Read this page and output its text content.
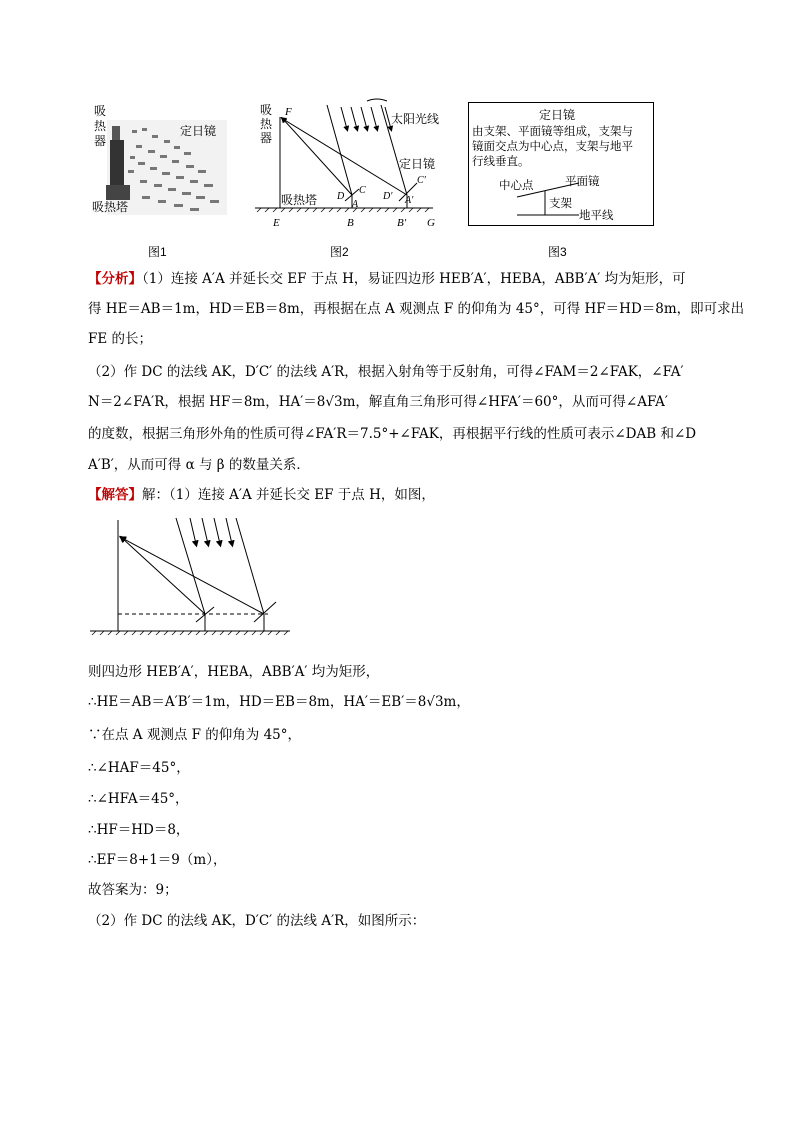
吸
热
器
定日镜
吸热塔
图1
F
D
C
A
D′
C′
A′
E	B	B′ G
吸
热
器
太阳光线
定日镜
吸热塔
图2
定日镜
由支架、平面镜等组成，支架与
镜面交点为中心点，支架与地平
行线垂直。
中心点	平面镜
支架
地平线
图3
【分析】（1）连接 A′A 并延长交 EF 于点 H，易证四边形 HEB′A′，HEBA，ABB′A′ 均为矩形，可
得 HE＝AB＝1m，HD＝EB＝8m，再根据在点 A 观测点 F 的仰角为 45°，可得 HF＝HD＝8m，即可求出
FE 的长；
（2）作 DC 的法线 AK，D′C′ 的法线 A′R，根据入射角等于反射角，可得∠FAM＝2∠FAK，∠FA′
N＝2∠FA′R，根据 HF＝8m，HA′＝8√3m，解直角三角形可得∠HFA′＝60°，从而可得∠AFA′
的度数，根据三角形外角的性质可得∠FA′R＝7.5°+∠FAK，再根据平行线的性质可表示∠DAB 和∠D
A′B′，从而可得 α 与 β 的数量关系．
【解答】解：（1）连接 A′A 并延长交 EF 于点 H，如图，
则四边形 HEB′A′，HEBA，ABB′A′ 均为矩形，
∴HE＝AB＝A′B′＝1m，HD＝EB＝8m，HA′＝EB′＝8√3m，
∵在点 A 观测点 F 的仰角为 45°，
∴∠HAF＝45°，
∴∠HFA＝45°，
∴HF＝HD＝8，
∴EF＝8+1＝9（m），
故答案为：9；
（2）作 DC 的法线 AK，D′C′ 的法线 A′R，如图所示：
